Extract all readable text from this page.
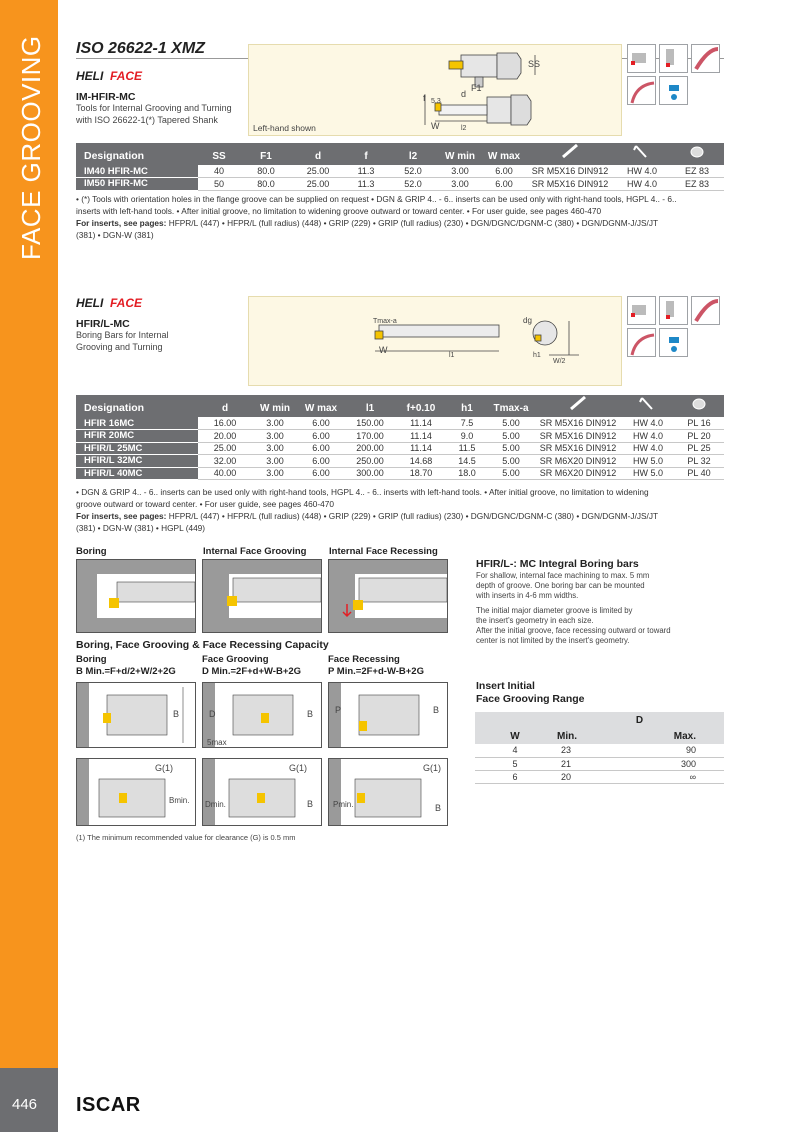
FACE GROOVING
446 ISCAR
ISO 26622-1 XMZ
HELI FACE
IM-HFIR-MC
Tools for Internal Grooving and Turning
with ISO 26622-1(*) Tapered Shank
SS
F1
d
f 5.3
W	l2
Left-hand shown
Designation	SS	F1	d	f	l2	W min	W max			
IM40 HFIR-MC	40	80.0	25.00	11.3	52.0	3.00	6.00	SR M5X16 DIN912	HW 4.0	EZ 83
IM50 HFIR-MC	50	80.0	25.00	11.3	52.0	3.00	6.00	SR M5X16 DIN912	HW 4.0	EZ 83
• (*) Tools with orientation holes in the flange groove can be supplied on request • DGN & GRIP 4.. - 6.. inserts can be used only with right-hand tools, HGPL 4.. - 6..
inserts with left-hand tools. • After initial groove, no limitation to widening groove outward or toward center. • For user guide, see pages 460-470
For inserts, see pages: HFPR/L (447) • HFPR/L (full radius) (448) • GRIP (229) • GRIP (full radius) (230) • DGN/DGNC/DGNM-C (380) • DGN/DGNM-J/JS/JT
(381) • DGN-W (381)
HELI FACE
HFIR/L-MC
Boring Bars for Internal
Grooving and Turning
Tmax-a	dg
W
l1	h1
W/2
Designation	d	W min	W max	l1	f+0.10	h1	Tmax-a			
HFIR 16MC	16.00	3.00	6.00	150.00	11.14	7.5	5.00	SR M5X16 DIN912	HW 4.0	PL 16
HFIR 20MC	20.00	3.00	6.00	170.00	11.14	9.0	5.00	SR M5X16 DIN912	HW 4.0	PL 20
HFIR/L 25MC	25.00	3.00	6.00	200.00	11.14	11.5	5.00	SR M5X16 DIN912	HW 4.0	PL 25
HFIR/L 32MC	32.00	3.00	6.00	250.00	14.68	14.5	5.00	SR M6X20 DIN912	HW 5.0	PL 32
HFIR/L 40MC	40.00	3.00	6.00	300.00	18.70	18.0	5.00	SR M6X20 DIN912	HW 5.0	PL 40
• DGN & GRIP 4.. - 6.. inserts can be used only with right-hand tools, HGPL 4.. - 6.. inserts with left-hand tools. • After initial groove, no limitation to widening
groove outward or toward center. • For user guide, see pages 460-470
For inserts, see pages: HFPR/L (447) • HFPR/L (full radius) (448) • GRIP (229) • GRIP (full radius) (230) • DGN/DGNC/DGNM-C (380) • DGN/DGNM-J/JS/JT
(381) • DGN-W (381) • HGPL (449)
Boring	Internal Face Grooving Internal Face Recessing
HFIR/L-: MC Integral Boring bars
For shallow, internal face machining to max. 5 mm
depth of groove. One boring bar can be mounted
with inserts in 4-6 mm widths.
The initial major diameter groove is limited by
the insert's geometry in each size.
After the initial groove, face recessing outward or toward
center is not limited by the insert's geometry.
Boring, Face Grooving & Face Recessing Capacity
Boring
B Min.=F+d/2+W/2+2G
Face Grooving
D Min.=2F+d+W-B+2G
Face Recessing
P Min.=2F+d-W-B+2G
B	D	B
5max
P	B
G(1)
Bmin.
G(1)
Dmin.	B
G(1)
Pmin.	B
Insert Initial
Face Grooving Range
	D	
W	Min.	Max.
4	23	90
5	21	300
6	20	∞
(1) The minimum recommended value for clearance (G) is 0.5 mm
